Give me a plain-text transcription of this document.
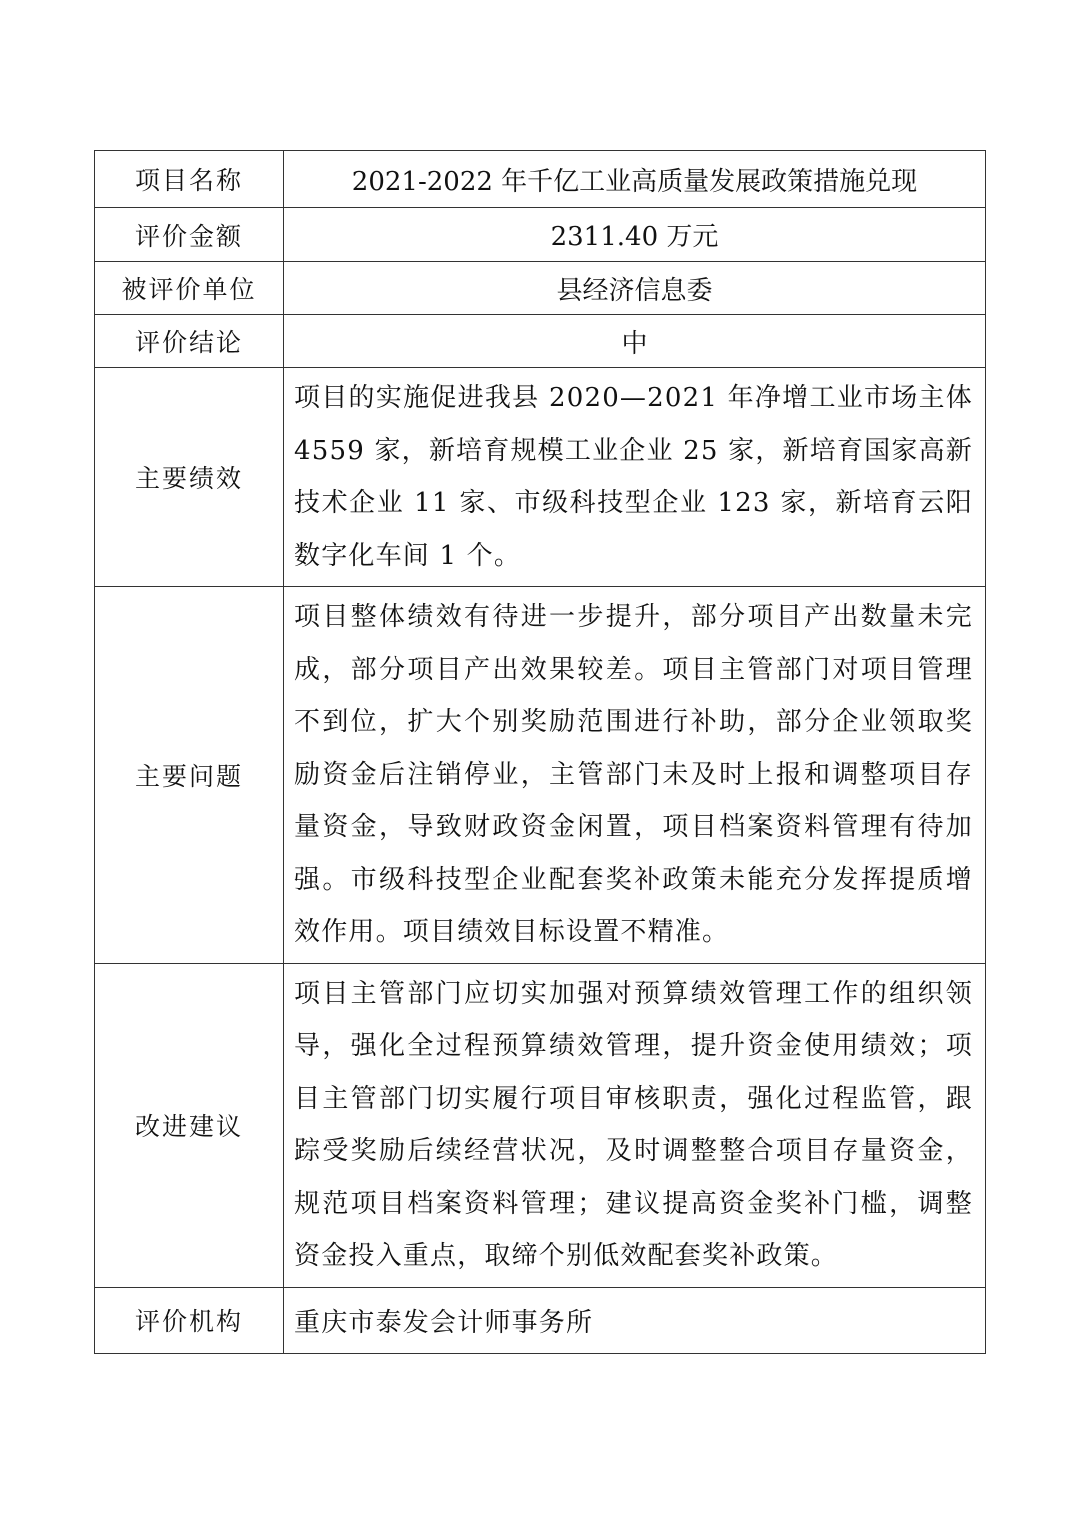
项目名称	2021-2022 年千亿工业高质量发展政策措施兑现
评价金额	2311.40 万元
被评价单位	县经济信息委
评价结论	中
主要绩效	项目的实施促进我县 2020—2021 年净增工业市场主体 4559 家，新培育规模工业企业 25 家，新培育国家高新技术企业 11 家、市级科技型企业 123 家，新培育云阳数字化车间 1 个。
主要问题	项目整体绩效有待进一步提升，部分项目产出数量未完成，部分项目产出效果较差。项目主管部门对项目管理不到位，扩大个别奖励范围进行补助，部分企业领取奖励资金后注销停业，主管部门未及时上报和调整项目存量资金，导致财政资金闲置，项目档案资料管理有待加强。市级科技型企业配套奖补政策未能充分发挥提质增效作用。项目绩效目标设置不精准。
改进建议	项目主管部门应切实加强对预算绩效管理工作的组织领导，强化全过程预算绩效管理，提升资金使用绩效；项目主管部门切实履行项目审核职责，强化过程监管，跟踪受奖励后续经营状况，及时调整整合项目存量资金，规范项目档案资料管理；建议提高资金奖补门槛，调整资金投入重点，取缔个别低效配套奖补政策。
评价机构	重庆市泰发会计师事务所
